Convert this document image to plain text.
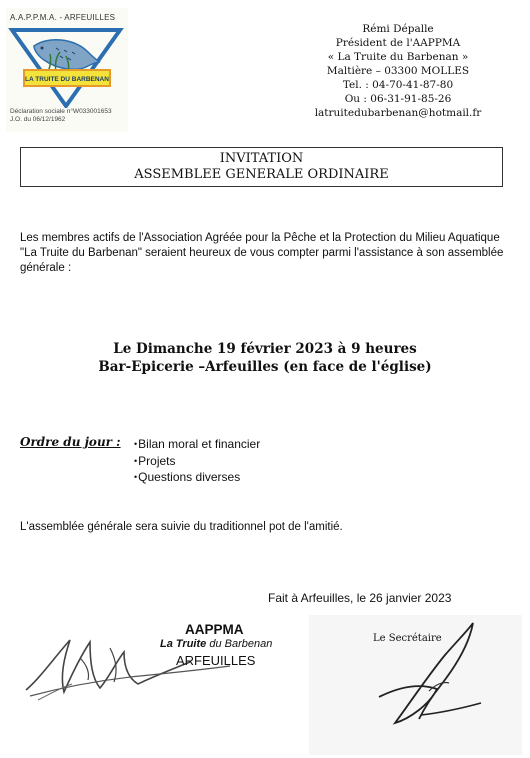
A.A.P.P.M.A. - ARFEUILLES
LA TRUITE DU BARBENAN
Déclaration sociale n°W033001653
J.O. du 06/12/1962
Rémi Dépalle
Président de l'AAPPMA
« La Truite du Barbenan »
Maltière – 03300 MOLLES
Tel. : 04-70-41-87-80
Ou : 06-31-91-85-26
latruitedubarbenan@hotmail.fr
INVITATION
ASSEMBLEE GENERALE ORDINAIRE

Les membres actifs de l'Association Agréée pour la Pêche et la Protection du Milieu Aquatique

"La Truite du Barbenan" seraient heureux de vous compter parmi l'assistance à son assemblée générale :

Le Dimanche 19 février 2023 à 9 heures
Bar-Epicerie –Arfeuilles (en face de l'église)
Ordre du jour :
•	Bilan moral et financier
• Projets
• Questions diverses
L'assemblée générale sera suivie du traditionnel pot de l'amitié.
Fait à Arfeuilles, le 26 janvier 2023
AAPPMA
La Truite du Barbenan
ARFEUILLES
Le Secrétaire
